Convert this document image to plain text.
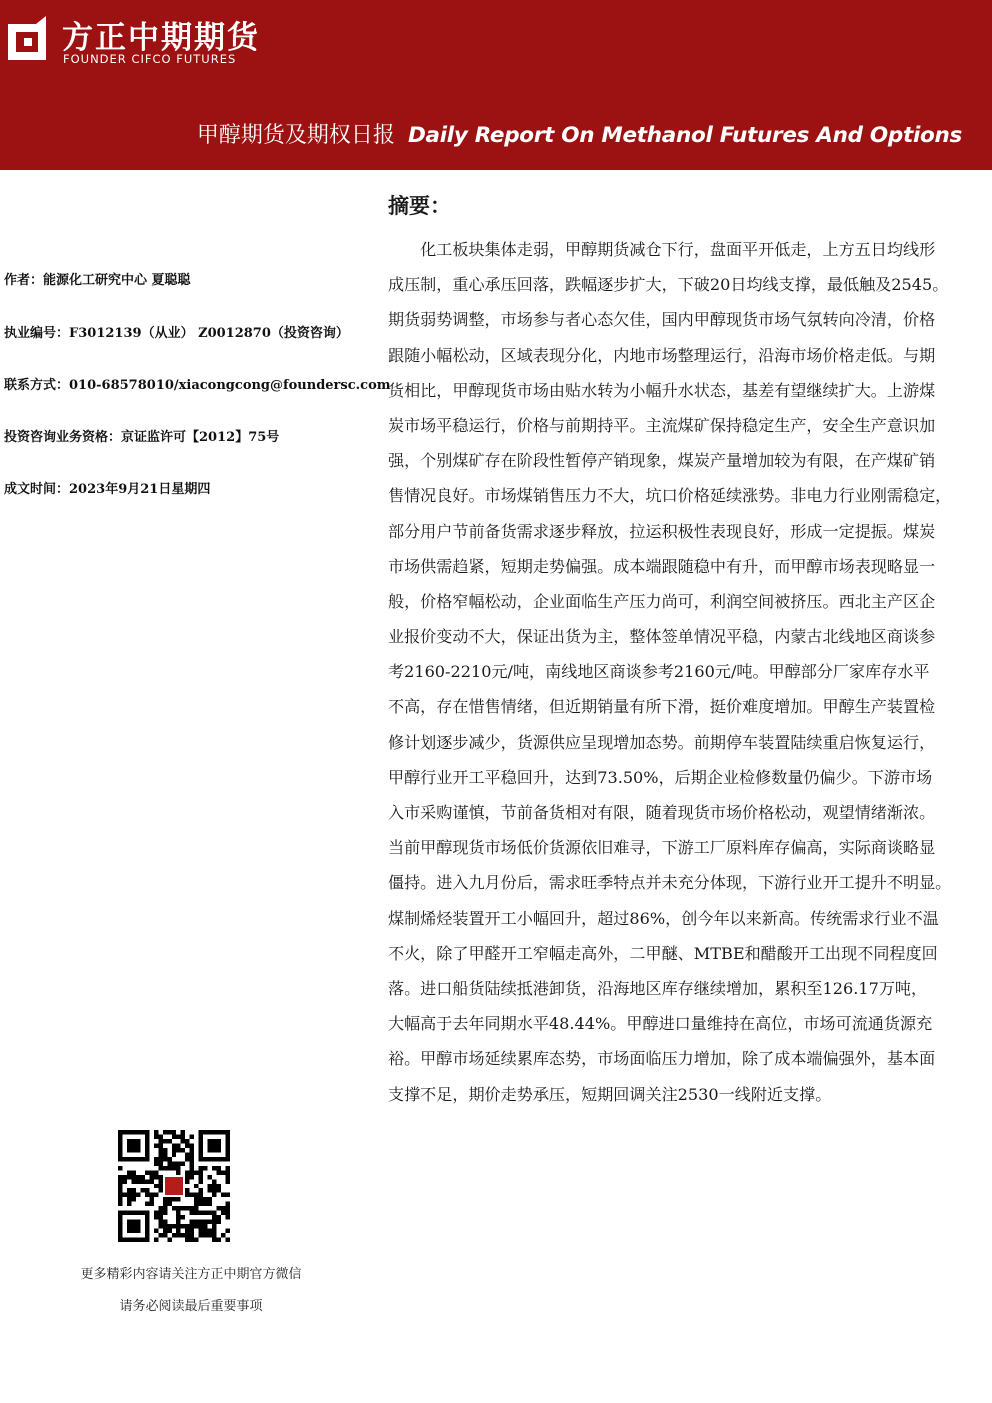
方正中期期货
FOUNDER CIFCO FUTURES
甲醇期货及期权日报 Daily Report On Methanol Futures And Options
作者：能源化工研究中心 夏聪聪
执业编号：F3012139（从业） Z0012870（投资咨询）
联系方式：010-68578010/xiacongcong@foundersc.com
投资咨询业务资格：京证监许可【2012】75号
成文时间：2023年9月21日星期四
摘要：
　　化工板块集体走弱，甲醇期货减仓下行，盘面平开低走，上方五日均线形
成压制，重心承压回落，跌幅逐步扩大，下破20日均线支撑，最低触及2545。
期货弱势调整，市场参与者心态欠佳，国内甲醇现货市场气氛转向冷清，价格
跟随小幅松动，区域表现分化，内地市场整理运行，沿海市场价格走低。与期
货相比，甲醇现货市场由贴水转为小幅升水状态，基差有望继续扩大。上游煤
炭市场平稳运行，价格与前期持平。主流煤矿保持稳定生产，安全生产意识加
强，个别煤矿存在阶段性暂停产销现象，煤炭产量增加较为有限，在产煤矿销
售情况良好。市场煤销售压力不大，坑口价格延续涨势。非电力行业刚需稳定，
部分用户节前备货需求逐步释放，拉运积极性表现良好，形成一定提振。煤炭
市场供需趋紧，短期走势偏强。成本端跟随稳中有升，而甲醇市场表现略显一
般，价格窄幅松动，企业面临生产压力尚可，利润空间被挤压。西北主产区企
业报价变动不大，保证出货为主，整体签单情况平稳，内蒙古北线地区商谈参
考2160-2210元/吨，南线地区商谈参考2160元/吨。甲醇部分厂家库存水平
不高，存在惜售情绪，但近期销量有所下滑，挺价难度增加。甲醇生产装置检
修计划逐步减少，货源供应呈现增加态势。前期停车装置陆续重启恢复运行，
甲醇行业开工平稳回升，达到73.50%，后期企业检修数量仍偏少。下游市场
入市采购谨慎，节前备货相对有限，随着现货市场价格松动，观望情绪渐浓。
当前甲醇现货市场低价货源依旧难寻，下游工厂原料库存偏高，实际商谈略显
僵持。进入九月份后，需求旺季特点并未充分体现，下游行业开工提升不明显。
煤制烯烃装置开工小幅回升，超过86%，创今年以来新高。传统需求行业不温
不火，除了甲醛开工窄幅走高外，二甲醚、MTBE和醋酸开工出现不同程度回
落。进口船货陆续抵港卸货，沿海地区库存继续增加，累积至126.17万吨，
大幅高于去年同期水平48.44%。甲醇进口量维持在高位，市场可流通货源充
裕。甲醇市场延续累库态势，市场面临压力增加，除了成本端偏强外，基本面
支撑不足，期价走势承压，短期回调关注2530一线附近支撑。
更多精彩内容请关注方正中期官方微信
请务必阅读最后重要事项
